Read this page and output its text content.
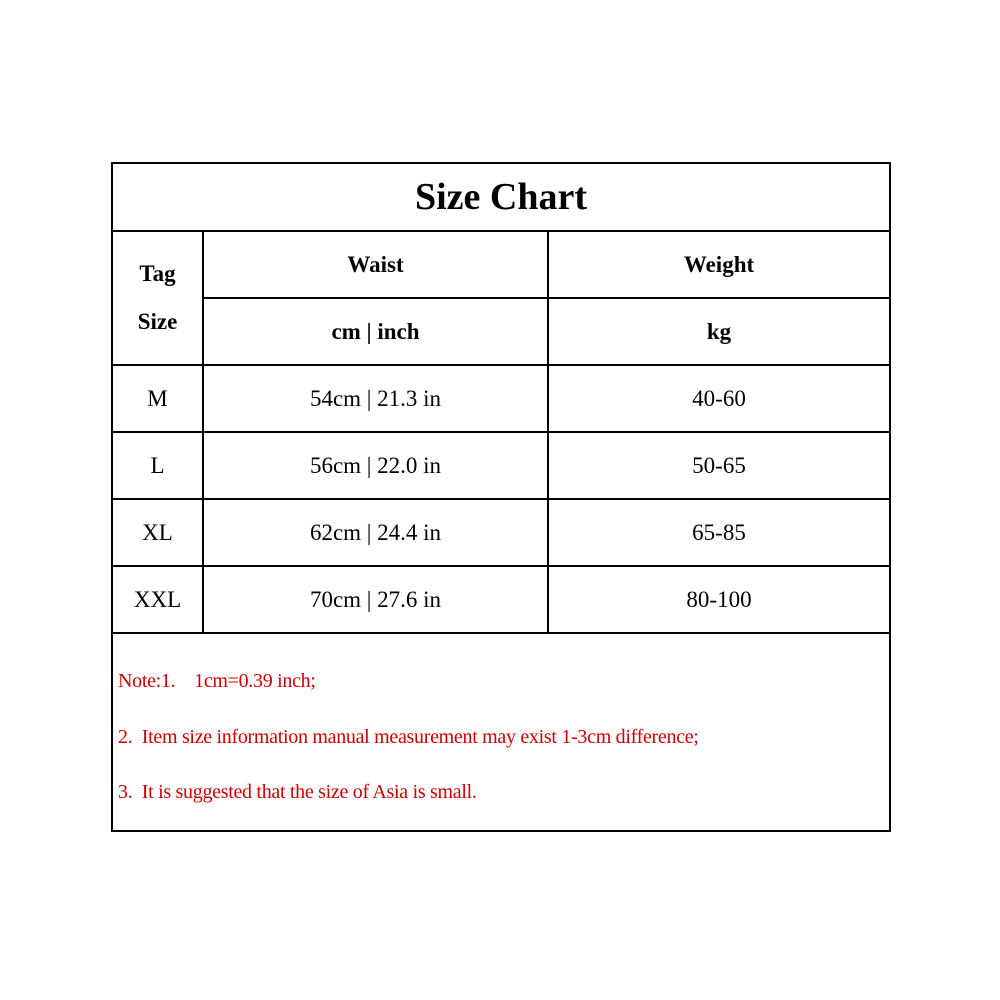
Size Chart
Tag
Size	Waist	Weight
	cm | inch	kg
M	54cm | 21.3 in	40-60
L	56cm | 22.0 in	50-65
XL	62cm | 24.4 in	65-85
XXL	70cm | 27.6 in	80-100
Note:1.    1cm=0.39 inch;
2.  Item size information manual measurement may exist 1-3cm difference;
3.  It is suggested that the size of Asia is small.
